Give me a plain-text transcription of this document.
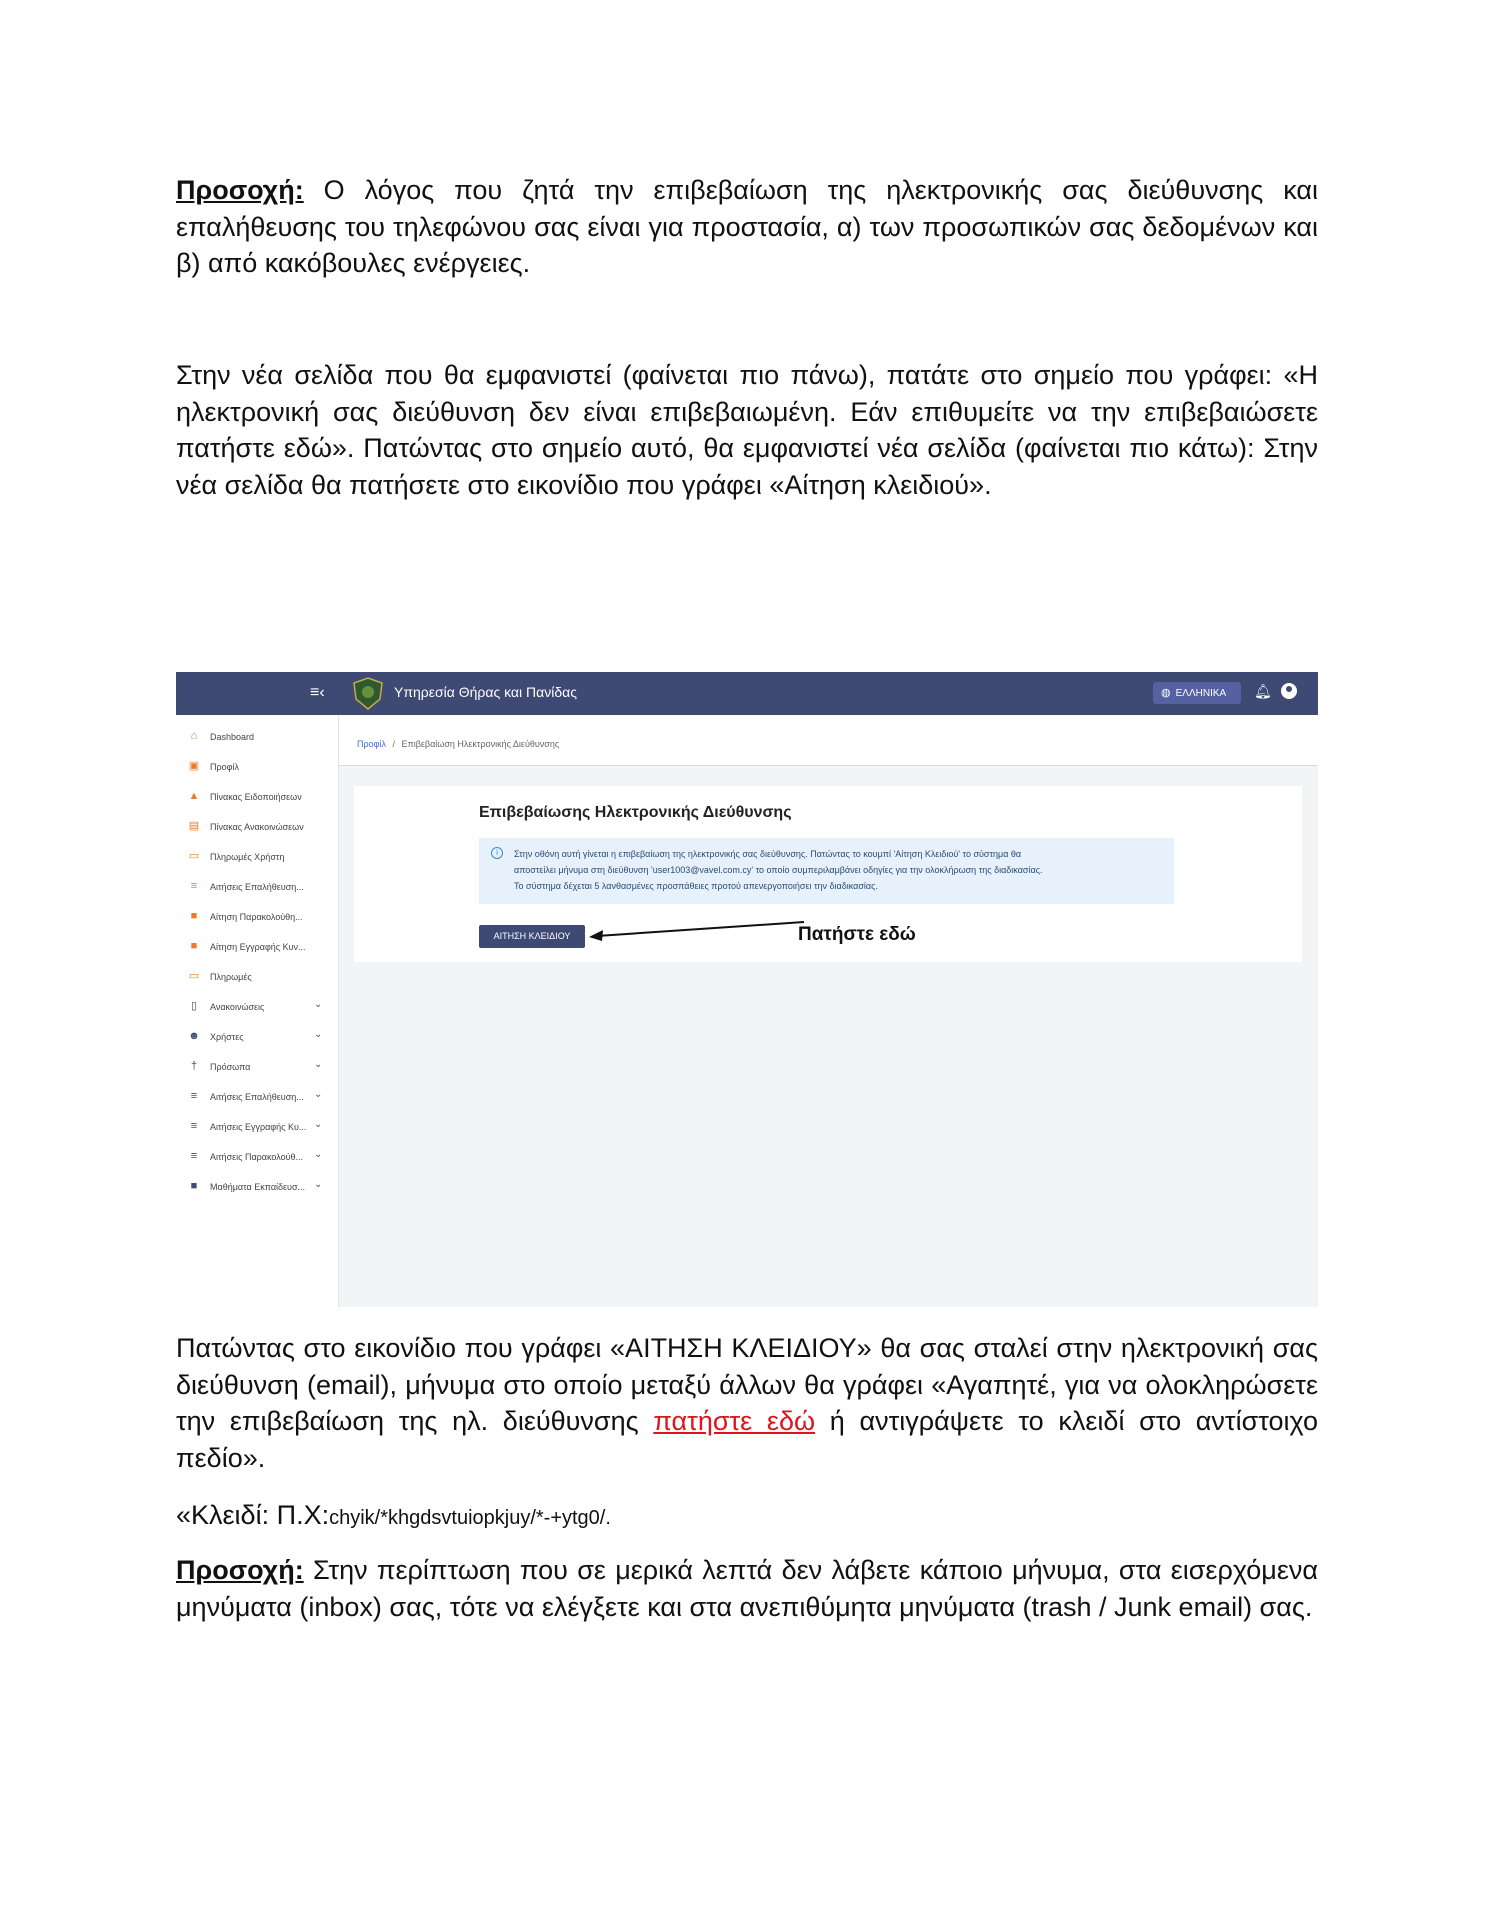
Προσοχή: Ο λόγος που ζητά την επιβεβαίωση της ηλεκτρονικής σας διεύθυνσης και επαλήθευσης του τηλεφώνου σας είναι για προστασία, α) των προσωπικών σας δεδομένων και β) από κακόβουλες ενέργειες.

Στην νέα σελίδα που θα εμφανιστεί (φαίνεται πιο πάνω), πατάτε στο σημείο που γράφει: «Η ηλεκτρονική σας διεύθυνση δεν είναι επιβεβαιωμένη. Εάν επιθυμείτε να την επιβεβαιώσετε πατήστε εδώ». Πατώντας στο σημείο αυτό, θα εμφανιστεί νέα σελίδα (φαίνεται πιο κάτω): Στην νέα σελίδα θα πατήσετε στο εικονίδιο που γράφει «Αίτηση κλειδιού».

≡‹	Υπηρεσία Θήρας και Πανίδας	◍ ΕΛΛΗΝΙΚΑ	🔔︎
⌂ Dashboard
▣ Προφίλ
▲ Πίνακας Ειδοποιήσεων
▤ Πίνακας Ανακοινώσεων
▭ Πληρωμές Χρήστη
≡	Αιτήσεις Επαλήθευση...
■ Αίτηση Παρακολούθη...
■ Αίτηση Εγγραφής Κυν...
▭ Πληρωμές
▯	Ανακοινώσεις	⌄
☻ Χρήστες	⌄
†	Πρόσωπα	⌄
≡	Αιτήσεις Επαλήθευση...	⌄
≡	Αιτήσεις Εγγραφής Κυ... ⌄
≡	Αιτήσεις Παρακολούθ...	⌄
■ Μαθήματα Εκπαίδευσ... ⌄
Προφίλ / Επιβεβαίωση Ηλεκτρονικής Διεύθυνσης
Επιβεβαίωσης Ηλεκτρονικής Διεύθυνσης
i	Στην οθόνη αυτή γίνεται η επιβεβαίωση της ηλεκτρονικής σας διεύθυνσης. Πατώντας το κουμπί 'Αίτηση Κλειδιού' το σύστημα θα
αποστείλει μήνυμα στη διεύθυνση 'user1003@vavel.com.cy' το οποίο συμπεριλαμβάνει οδηγίες για την ολοκλήρωση της διαδικασίας.
Το σύστημα δέχεται 5 λανθασμένες προσπάθειες προτού απενεργοποιήσει την διαδικασίας.
ΑΙΤΗΣΗ ΚΛΕΙΔΙΟΥ	Πατήστε εδώ

Πατώντας στο εικονίδιο που γράφει «ΑΙΤΗΣΗ ΚΛΕΙΔΙΟΥ» θα σας σταλεί στην ηλεκτρονική σας διεύθυνση (email), μήνυμα στο οποίο μεταξύ άλλων θα γράφει «Αγαπητέ, για να ολοκληρώσετε την επιβεβαίωση της ηλ. διεύθυνσης πατήστε εδώ ή αντιγράψετε το κλειδί στο αντίστοιχο πεδίο».

«Κλειδί: Π.Χ:chyik/*khgdsvtuiopkjuy/*-+ytg0/.

Προσοχή: Στην περίπτωση που σε μερικά λεπτά δεν λάβετε κάποιο μήνυμα, στα εισερχόμενα μηνύματα (inbox) σας, τότε να ελέγξετε και στα ανεπιθύμητα μηνύματα (trash / Junk email) σας.
